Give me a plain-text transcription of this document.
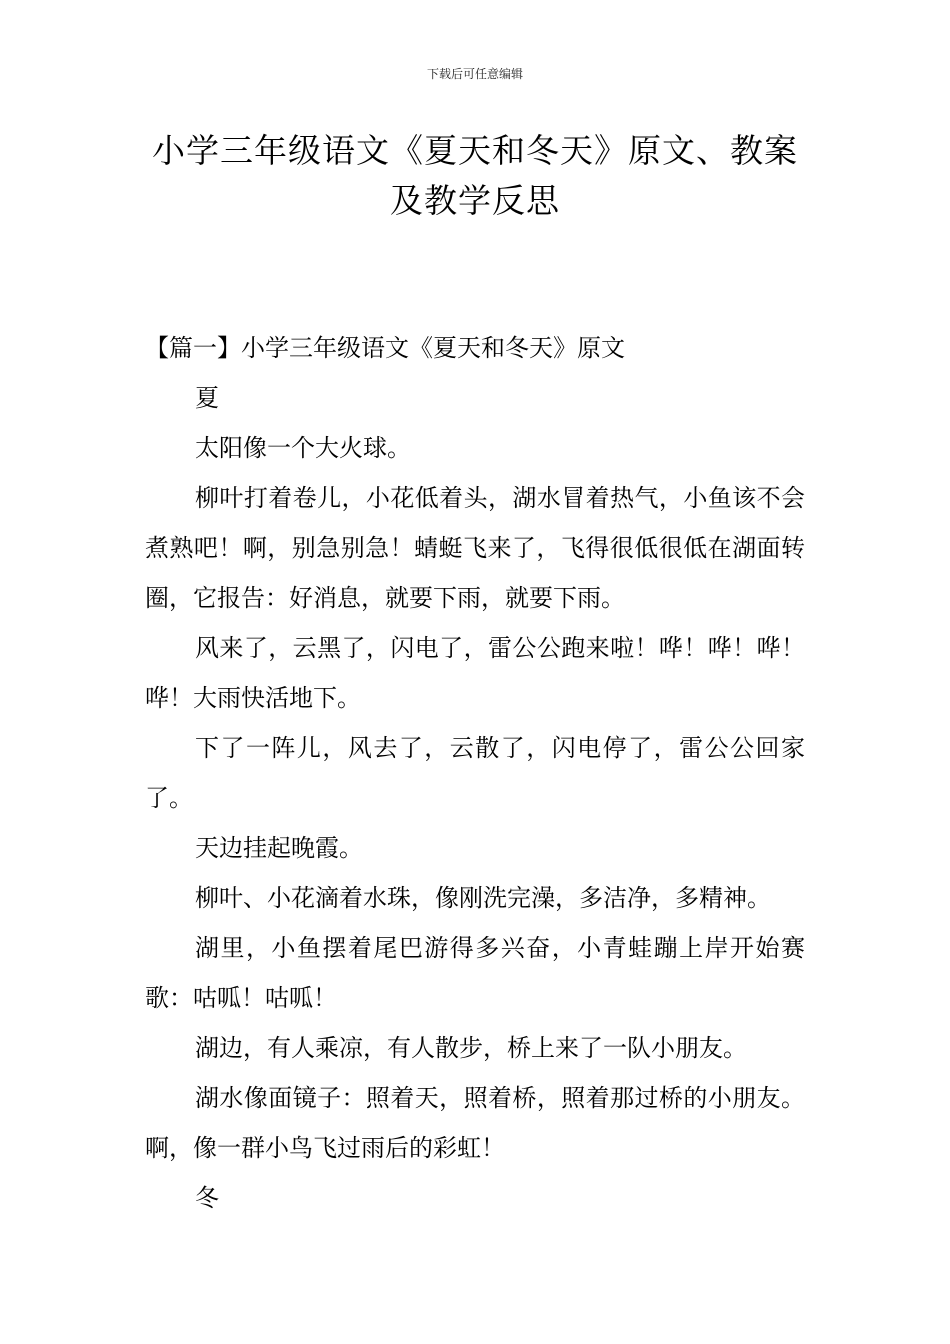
下载后可任意编辑
小学三年级语文《夏天和冬天》原文、教案及教学反思

【篇一】小学三年级语文《夏天和冬天》原文

夏

太阳像一个大火球。

柳叶打着卷儿，小花低着头，湖水冒着热气，小鱼该不会煮熟吧！啊，别急别急！蜻蜓飞来了，飞得很低很低在湖面转圈，它报告：好消息，就要下雨，就要下雨。

风来了，云黑了，闪电了，雷公公跑来啦！哗！哗！哗！哗！大雨快活地下。

下了一阵儿，风去了，云散了，闪电停了，雷公公回家了。

天边挂起晚霞。

柳叶、小花滴着水珠，像刚洗完澡，多洁净，多精神。

湖里，小鱼摆着尾巴游得多兴奋，小青蛙蹦上岸开始赛歌：咕呱！咕呱！

湖边，有人乘凉，有人散步，桥上来了一队小朋友。

湖水像面镜子：照着天，照着桥，照着那过桥的小朋友。啊，像一群小鸟飞过雨后的彩虹！

冬
